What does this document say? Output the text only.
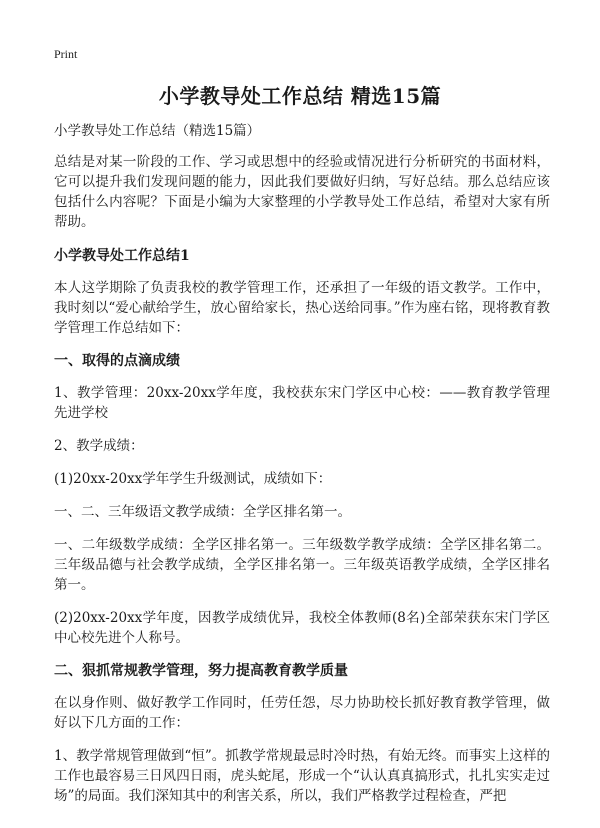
Print
小学教导处工作总结 精选15篇

小学教导处工作总结（精选15篇）

总结是对某一阶段的工作、学习或思想中的经验或情况进行分析研究的书面材料，它可以提升我们发现问题的能力，因此我们要做好归纳，写好总结。那么总结应该包括什么内容呢？下面是小编为大家整理的小学教导处工作总结，希望对大家有所帮助。

小学教导处工作总结1

本人这学期除了负责我校的教学管理工作，还承担了一年级的语文教学。工作中，我时刻以“爱心献给学生，放心留给家长，热心送给同事。”作为座右铭，现将教育教学管理工作总结如下：

一、取得的点滴成绩

1、教学管理：20xx-20xx学年度，我校获东宋门学区中心校：——教育教学管理先进学校

2、教学成绩：

(1)20xx-20xx学年学生升级测试，成绩如下：

一、二、三年级语文教学成绩：全学区排名第一。

一、二年级数学成绩：全学区排名第一。三年级数学教学成绩：全学区排名第二。三年级品德与社会教学成绩，全学区排名第一。三年级英语教学成绩，全学区排名第一。

(2)20xx-20xx学年度，因教学成绩优异，我校全体教师(8名)全部荣获东宋门学区中心校先进个人称号。

二、狠抓常规教学管理，努力提高教育教学质量

在以身作则、做好教学工作同时，任劳任怨，尽力协助校长抓好教育教学管理，做好以下几方面的工作：

1、教学常规管理做到“恒”。抓教学常规最忌时冷时热，有始无终。而事实上这样的工作也最容易三日风四日雨，虎头蛇尾，形成一个“认认真真搞形式，扎扎实实走过场”的局面。我们深知其中的利害关系，所以，我们严格教学过程检查，严把
